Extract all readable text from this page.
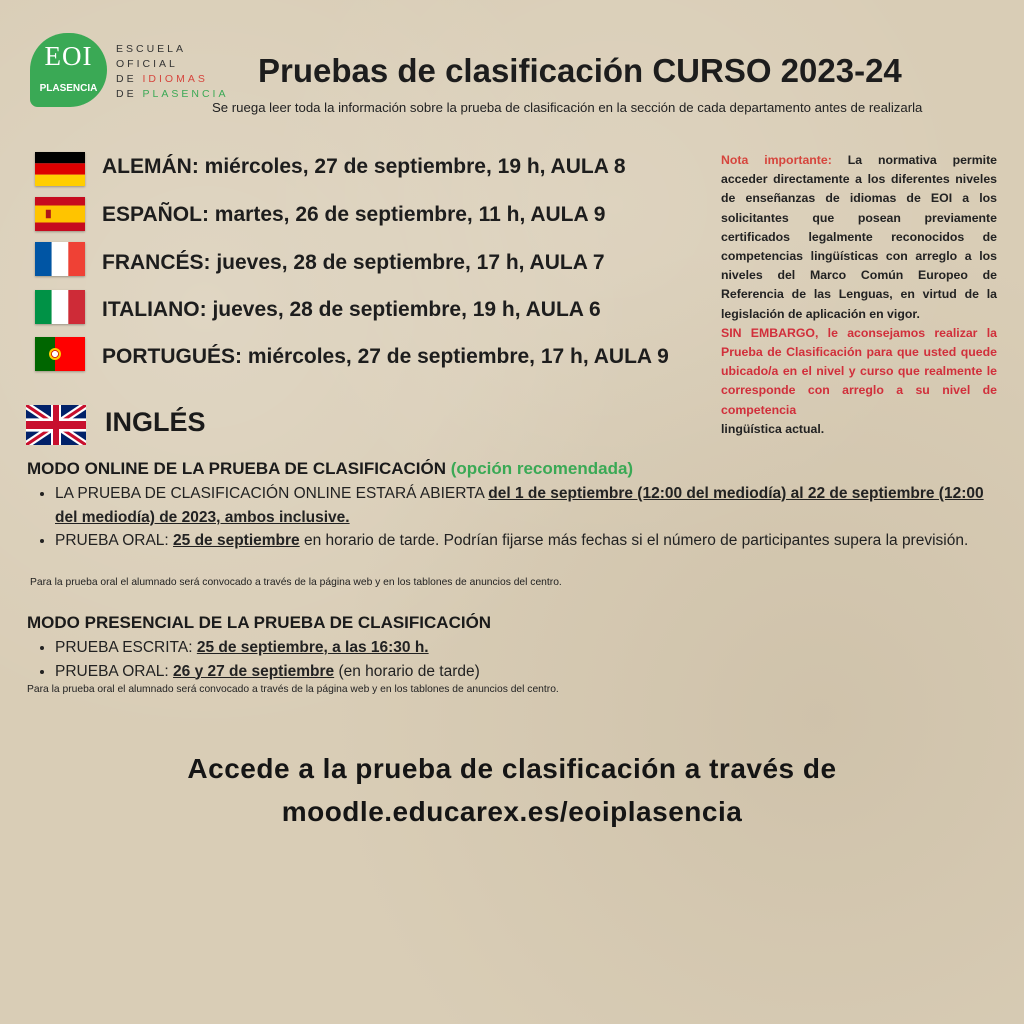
EOI
PLASENCIA
ESCUELA
OFICIAL
DE IDIOMAS
DE PLASENCIA
Pruebas de clasificación CURSO 2023-24
Se ruega leer toda la información sobre la prueba de clasificación en la sección de cada departamento antes de realizarla
ALEMÁN: miércoles, 27 de septiembre, 19 h, AULA 8
ESPAÑOL: martes, 26 de septiembre, 11 h, AULA 9
FRANCÉS: jueves, 28 de septiembre, 17 h, AULA 7
ITALIANO: jueves, 28 de septiembre, 19 h, AULA 6
PORTUGUÉS: miércoles, 27 de septiembre, 17 h, AULA 9
Nota importante: La normativa permite acceder directamente a los diferentes niveles de enseñanzas de idiomas de EOI a los solicitantes que posean previamente certificados legalmente reconocidos de competencias lingüísticas con arreglo a los niveles del Marco Común Europeo de Referencia de las Lenguas, en virtud de la legislación de aplicación en vigor.
SIN EMBARGO, le aconsejamos realizar la Prueba de Clasificación para que usted quede ubicado/a en el nivel y curso que realmente le corresponde con arreglo a su nivel de competencia
lingüística actual.
INGLÉS
MODO ONLINE DE LA PRUEBA DE CLASIFICACIÓN (opción recomendada)
• LA PRUEBA DE CLASIFICACIÓN ONLINE ESTARÁ ABIERTA del 1 de septiembre (12:00 del mediodía) al 22 de septiembre (12:00 del mediodía) de 2023, ambos inclusive.
• PRUEBA ORAL: 25 de septiembre en horario de tarde. Podrían fijarse más fechas si el número de participantes supera la previsión.
Para la prueba oral el alumnado será convocado a través de la página web y en los tablones de anuncios del centro.
MODO PRESENCIAL DE LA PRUEBA DE CLASIFICACIÓN
• PRUEBA ESCRITA: 25 de septiembre, a las 16:30 h.
• PRUEBA ORAL: 26 y 27 de septiembre (en horario de tarde)
Para la prueba oral el alumnado será convocado a través de la página web y en los tablones de anuncios del centro.
Accede a la prueba de clasificación a través de
moodle.educarex.es/eoiplasencia
